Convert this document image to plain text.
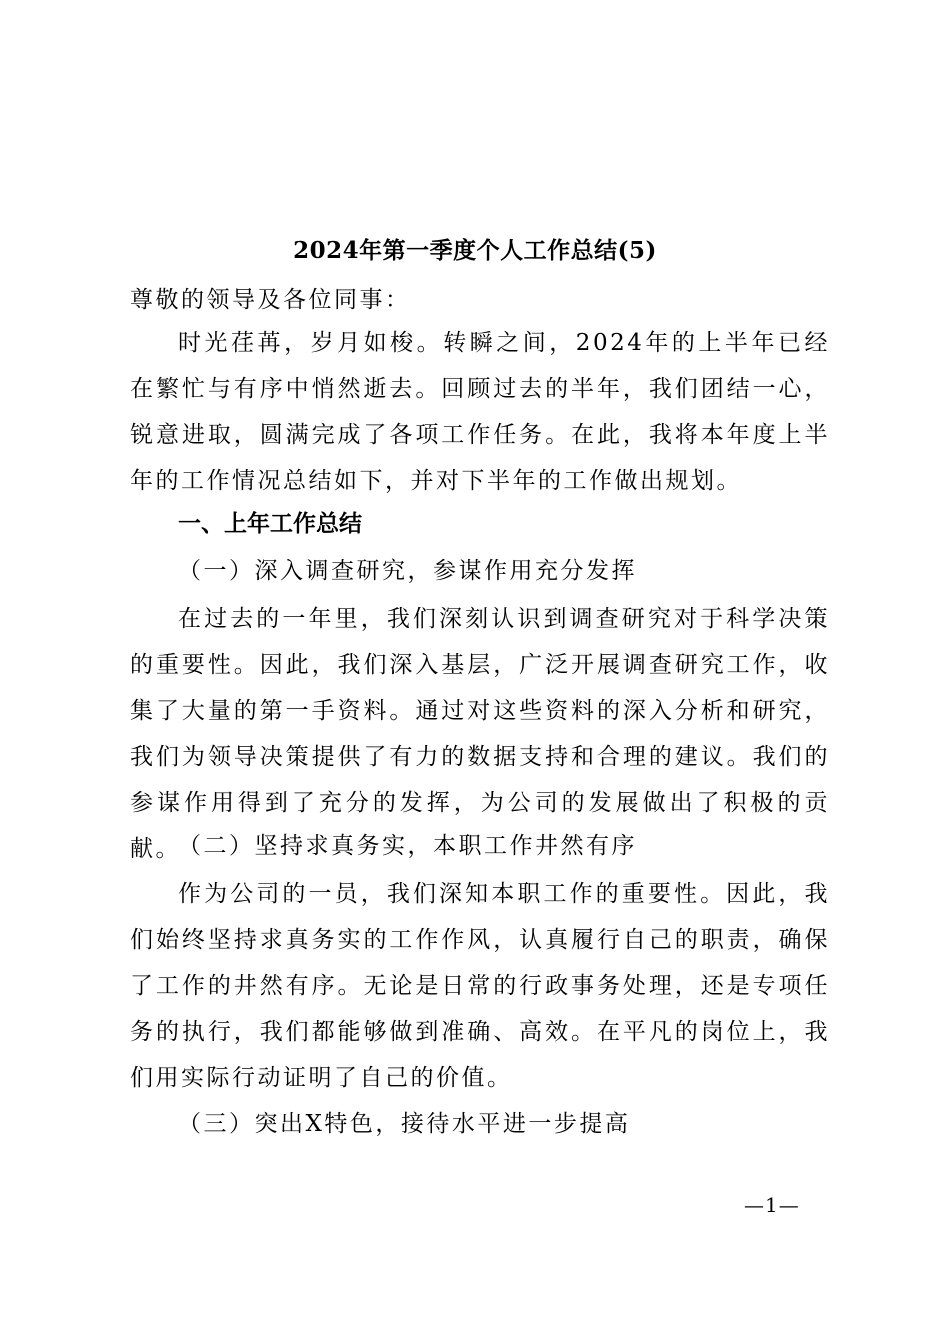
2024年第一季度个人工作总结(5)
尊敬的领导及各位同事：
时光荏苒，岁月如梭。转瞬之间，2024年的上半年已经在繁忙与有序中悄然逝去。回顾过去的半年，我们团结一心，锐意进取，圆满完成了各项工作任务。在此，我将本年度上半年的工作情况总结如下，并对下半年的工作做出规划。
一、上年工作总结
（一）深入调查研究，参谋作用充分发挥
在过去的一年里，我们深刻认识到调查研究对于科学决策的重要性。因此，我们深入基层，广泛开展调查研究工作，收集了大量的第一手资料。通过对这些资料的深入分析和研究，我们为领导决策提供了有力的数据支持和合理的建议。我们的参谋作用得到了充分的发挥，为公司的发展做出了积极的贡献。
（二）坚持求真务实，本职工作井然有序
作为公司的一员，我们深知本职工作的重要性。因此，我们始终坚持求真务实的工作作风，认真履行自己的职责，确保了工作的井然有序。无论是日常的行政事务处理，还是专项任务的执行，我们都能够做到准确、高效。在平凡的岗位上，我们用实际行动证明了自己的价值。
（三）突出X特色，接待水平进一步提高
—1—
